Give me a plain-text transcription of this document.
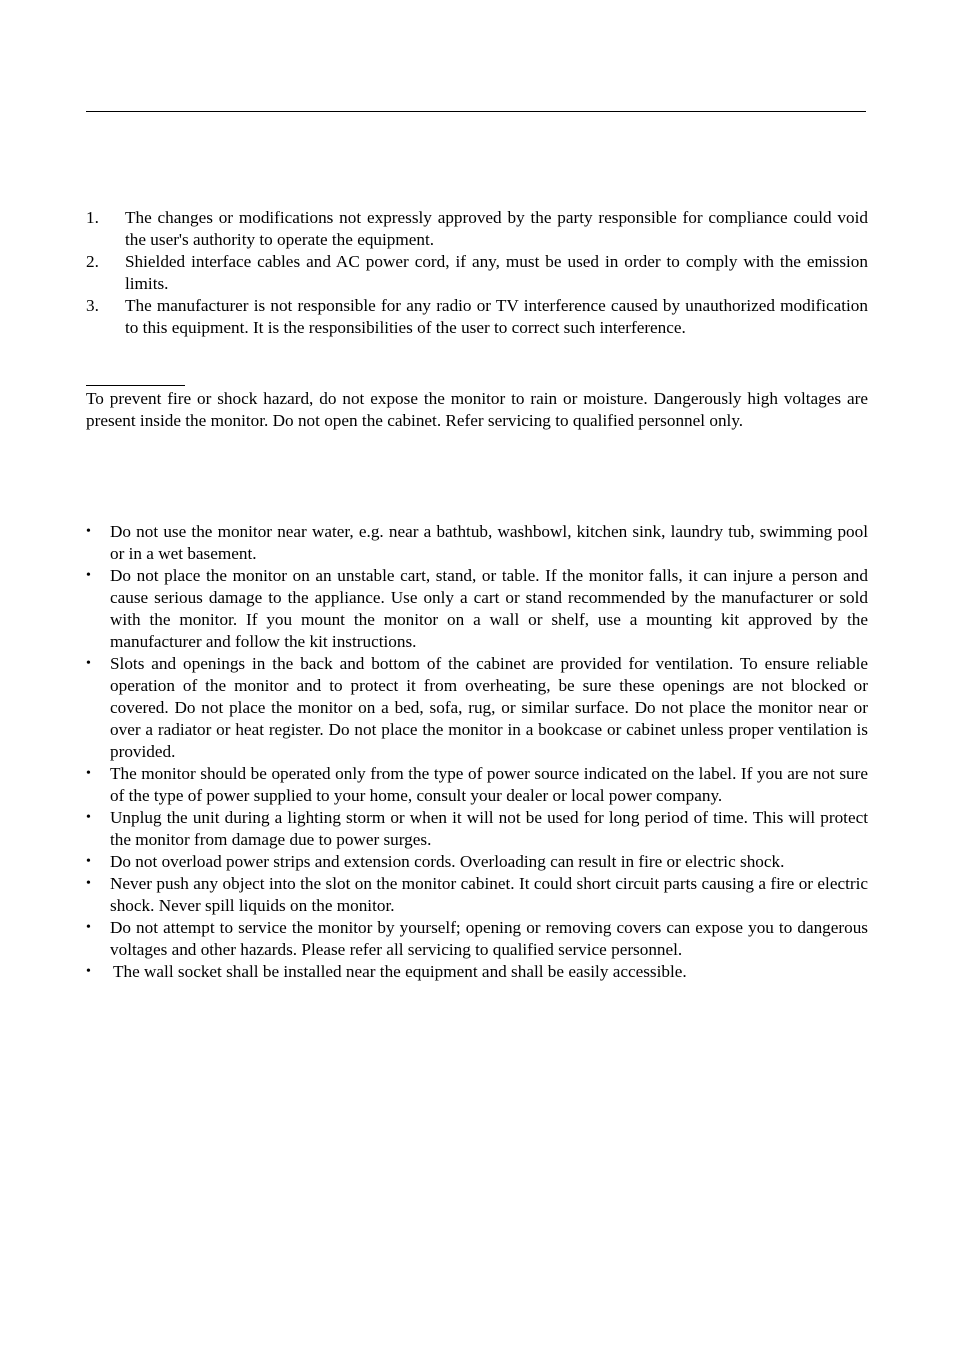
1. The changes or modifications not expressly approved by the party responsible for compliance could void the user's authority to operate the equipment.
2. Shielded interface cables and AC power cord, if any, must be used in order to comply with the emission limits.
3. The manufacturer is not responsible for any radio or TV interference caused by unauthorized modification to this equipment. It is the responsibilities of the user to correct such interference.

To prevent fire or shock hazard, do not expose the monitor to rain or moisture. Dangerously high voltages are present inside the monitor. Do not open the cabinet. Refer servicing to qualified personnel only.

• Do not use the monitor near water, e.g. near a bathtub, washbowl, kitchen sink, laundry tub, swimming pool or in a wet basement.
• Do not place the monitor on an unstable cart, stand, or table. If the monitor falls, it can injure a person and cause serious damage to the appliance. Use only a cart or stand recommended by the manufacturer or sold with the monitor. If you mount the monitor on a wall or shelf, use a mounting kit approved by the manufacturer and follow the kit instructions.
• Slots and openings in the back and bottom of the cabinet are provided for ventilation. To ensure reliable operation of the monitor and to protect it from overheating, be sure these openings are not blocked or covered. Do not place the monitor on a bed, sofa, rug, or similar surface. Do not place the monitor near or over a radiator or heat register. Do not place the monitor in a bookcase or cabinet unless proper ventilation is provided.
• The monitor should be operated only from the type of power source indicated on the label. If you are not sure of the type of power supplied to your home, consult your dealer or local power company.
• Unplug the unit during a lighting storm or when it will not be used for long period of time. This will protect the monitor from damage due to power surges.
• Do not overload power strips and extension cords. Overloading can result in fire or electric shock.
• Never push any object into the slot on the monitor cabinet. It could short circuit parts causing a fire or electric shock. Never spill liquids on the monitor.
• Do not attempt to service the monitor by yourself; opening or removing covers can expose you to dangerous voltages and other hazards. Please refer all servicing to qualified service personnel.
• The wall socket shall be installed near the equipment and shall be easily accessible.
